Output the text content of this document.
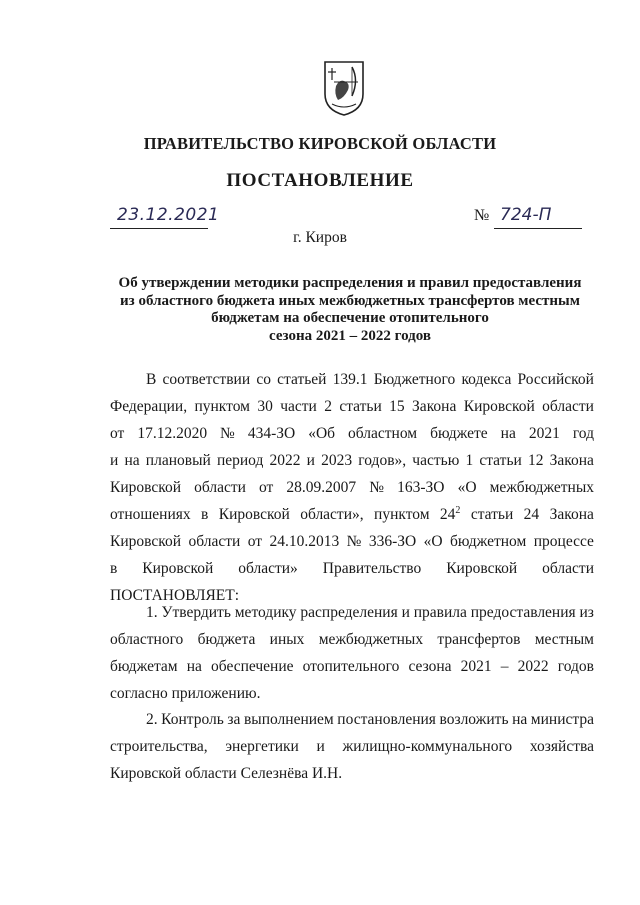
ПРАВИТЕЛЬСТВО КИРОВСКОЙ ОБЛАСТИ
ПОСТАНОВЛЕНИЕ
23.12.2021	№ 724-П
г. Киров
Об утверждении методики распределения и правил предоставления
из областного бюджета иных межбюджетных трансфертов местным
бюджетам на обеспечение отопительного
сезона 2021 – 2022 годов
В соответствии со статьей 139.1 Бюджетного кодекса Российской
Федерации, пунктом 30 части 2 статьи 15 Закона Кировской области
от 17.12.2020 № 434-ЗО «Об областном бюджете на 2021 год
и на плановый период 2022 и 2023 годов», частью 1 статьи 12 Закона
Кировской области от 28.09.2007 № 163-ЗО «О межбюджетных
отношениях в Кировской области», пунктом $24^2$ статьи 24 Закона
Кировской области от 24.10.2013 № 336-ЗО «О бюджетном процессе
в Кировской области» Правительство Кировской области
ПОСТАНОВЛЯЕТ:
1. Утвердить методику распределения и правила предоставления из
областного бюджета иных межбюджетных трансфертов местным
бюджетам на обеспечение отопительного сезона 2021 – 2022 годов
согласно приложению.
2. Контроль за выполнением постановления возложить на министра
строительства, энергетики и жилищно-коммунального хозяйства
Кировской области Селезнёва И.Н.
